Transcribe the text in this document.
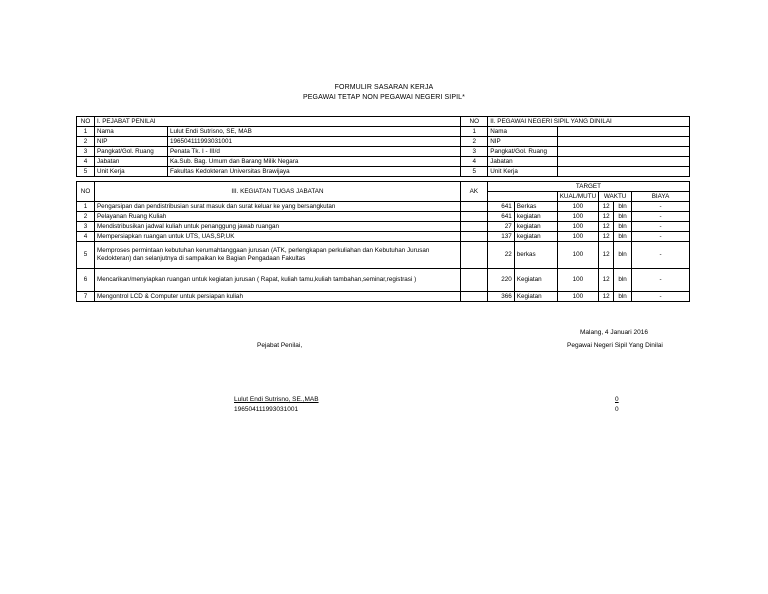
FORMULIR SASARAN KERJA
PEGAWAI TETAP NON PEGAWAI NEGERI SIPIL*
NO	I. PEJABAT PENILAI		NO	II. PEGAWAI NEGERI SIPIL YANG DINILAI	
1	Nama	Lulut Endi Sutrisno, SE, MAB	1	Nama	
2	NIP	196504111993031001	2	NIP	
3	Pangkat/Gol. Ruang	Penata Tk. I - III/d	3	Pangkat/Gol. Ruang	
4	Jabatan	Ka.Sub. Bag. Umum dan Barang Milik Negara	4	Jabatan	
5	Unit Kerja	Fakultas Kedokteran Universitas Brawijaya	5	Unit Kerja	
NO	III. KEGIATAN TUGAS JABATAN	AK	TARGET					
					KUAL/MUTU	WAKTU		BIAYA
1	Pengarsipan dan pendistribusian surat masuk dan surat keluar ke yang bersangkutan		641	Berkas	100	12	bln	-
2	Pelayanan Ruang Kuliah		641	kegiatan	100	12	bln	-
3	Mendistribusikan jadwal kuliah untuk penanggung jawab ruangan		27	kegiatan	100	12	bln	-
4	Mempersiapkan ruangan untuk UTS, UAS,SP,UK		137	kegiatan	100	12	bln	-
5	Memproses permintaan kebutuhan kerumahtanggaan jurusan (ATK, perlengkapan perkuliahan dan Kebutuhan Jurusan
Kedokteran) dan selanjutnya di sampaikan ke Bagian Pengadaan Fakultas		22	berkas	100	12	bln	-
6	Mencarikan/menyiapkan ruangan untuk kegiatan jurusan ( Rapat, kuliah tamu,kuliah tambahan,seminar,registrasi )		220	Kegiatan	100	12	bln	-
7	Mengontrol LCD & Computer untuk persiapan kuliah		366	Kegiatan	100	12	bln	-
Malang, 4 Januari 2016
Pejabat Penilai,	Pegawai Negeri Sipil Yang Dinilai
Lulut Endi Sutrisno, SE.,MAB
196504111993031001
0
0
